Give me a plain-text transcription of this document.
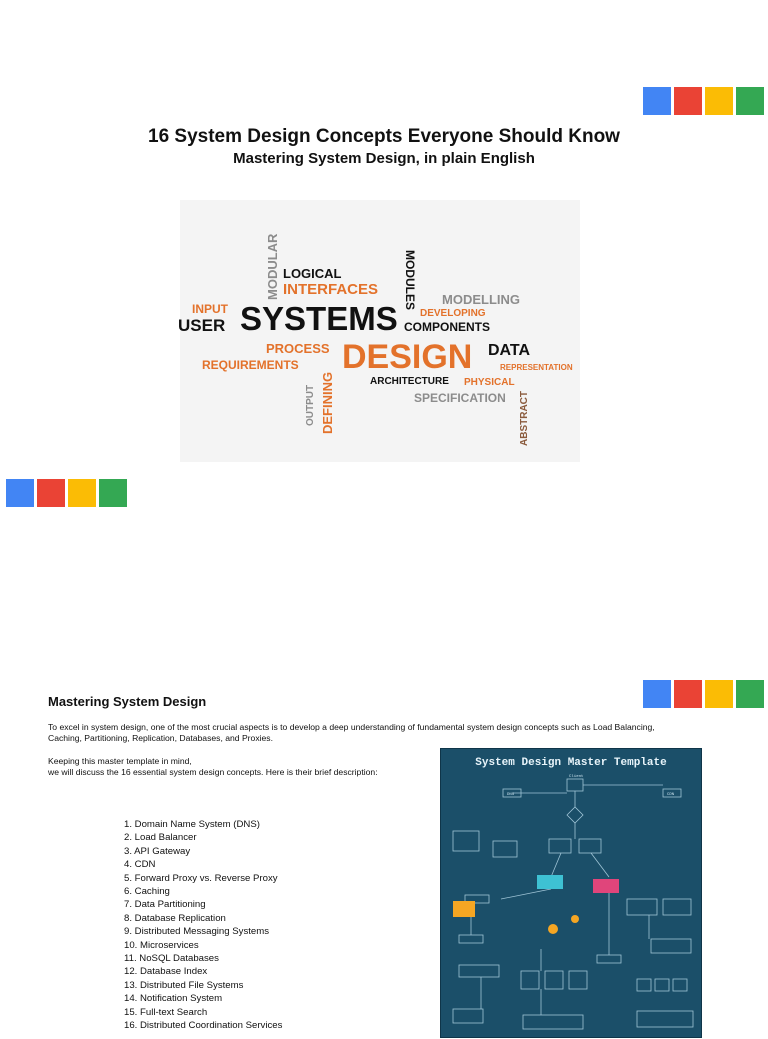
16 System Design Concepts Everyone Should Know
Mastering System Design, in plain English
MODULAR LOGICAL
INTERFACES MODULES
INPUT
USER SYSTEMS
MODELLING
DEVELOPING
COMPONENTS
PROCESS DESIGN DATA
REQUIREMENTS	REPRESENTATION
OUTPUT DEFINING	ARCHITECTURE PHYSICAL
SPECIFICATION ABSTRACT
Mastering System Design
To excel in system design, one of the most crucial aspects is to develop a deep understanding of fundamental system design concepts such as Load Balancing,
Caching, Partitioning, Replication, Databases, and Proxies.
Keeping this master template in mind,
we will discuss the 16 essential system design concepts. Here is their brief description:
1. Domain Name System (DNS)
2. Load Balancer
3. API Gateway
4. CDN
5. Forward Proxy vs. Reverse Proxy
6. Caching
7. Data Partitioning
8. Database Replication
9. Distributed Messaging Systems
10. Microservices
11. NoSQL Databases
12. Database Index
13. Distributed File Systems
14. Notification System
15. Full-text Search
16. Distributed Coordination Services
System Design Master Template
Client
DNS	CDN
